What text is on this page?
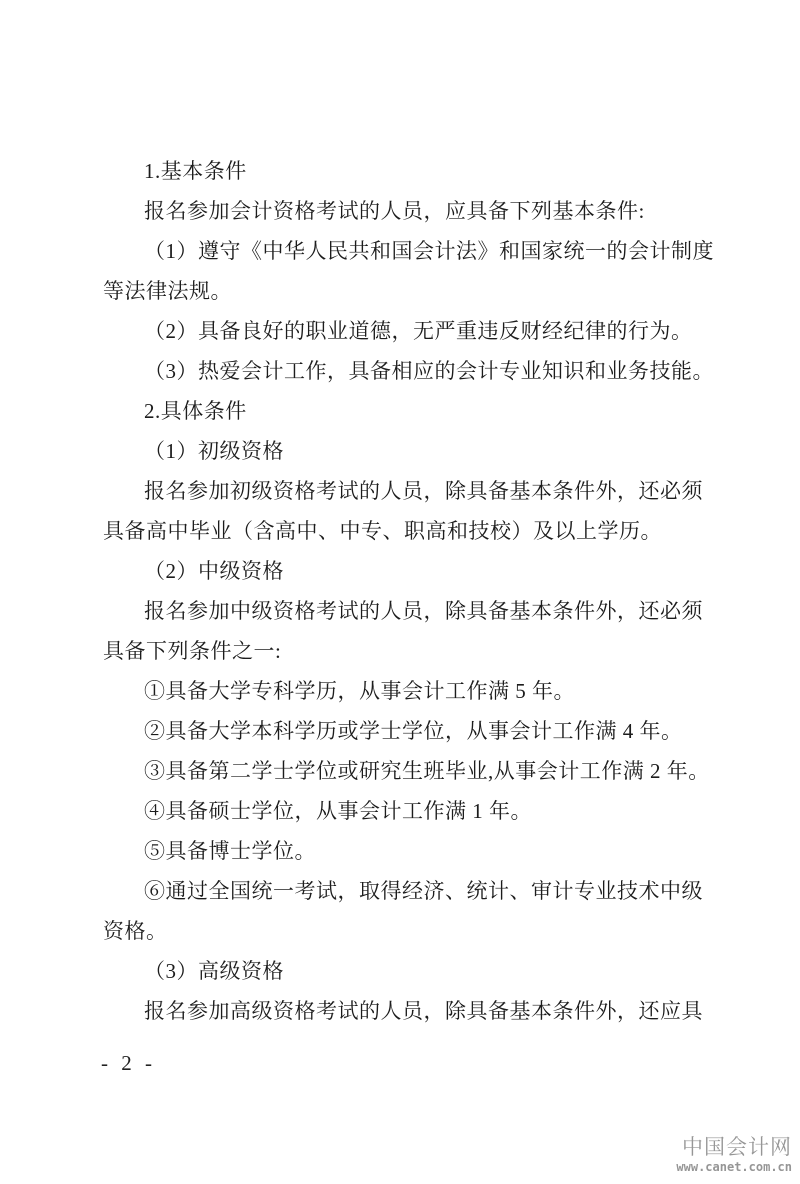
1.基本条件
报名参加会计资格考试的人员，应具备下列基本条件:
（1）遵守《中华人民共和国会计法》和国家统一的会计制度
等法律法规。
（2）具备良好的职业道德，无严重违反财经纪律的行为。
（3）热爱会计工作，具备相应的会计专业知识和业务技能。
2.具体条件
（1）初级资格
报名参加初级资格考试的人员，除具备基本条件外，还必须
具备高中毕业（含高中、中专、职高和技校）及以上学历。
（2）中级资格
报名参加中级资格考试的人员，除具备基本条件外，还必须
具备下列条件之一:
①具备大学专科学历，从事会计工作满 5 年。
②具备大学本科学历或学士学位，从事会计工作满 4 年。
③具备第二学士学位或研究生班毕业,从事会计工作满 2 年。
④具备硕士学位，从事会计工作满 1 年。
⑤具备博士学位。
⑥通过全国统一考试，取得经济、统计、审计专业技术中级
资格。
（3）高级资格
报名参加高级资格考试的人员，除具备基本条件外，还应具
- 2 -
中国会计网
www.canet.com.cn
